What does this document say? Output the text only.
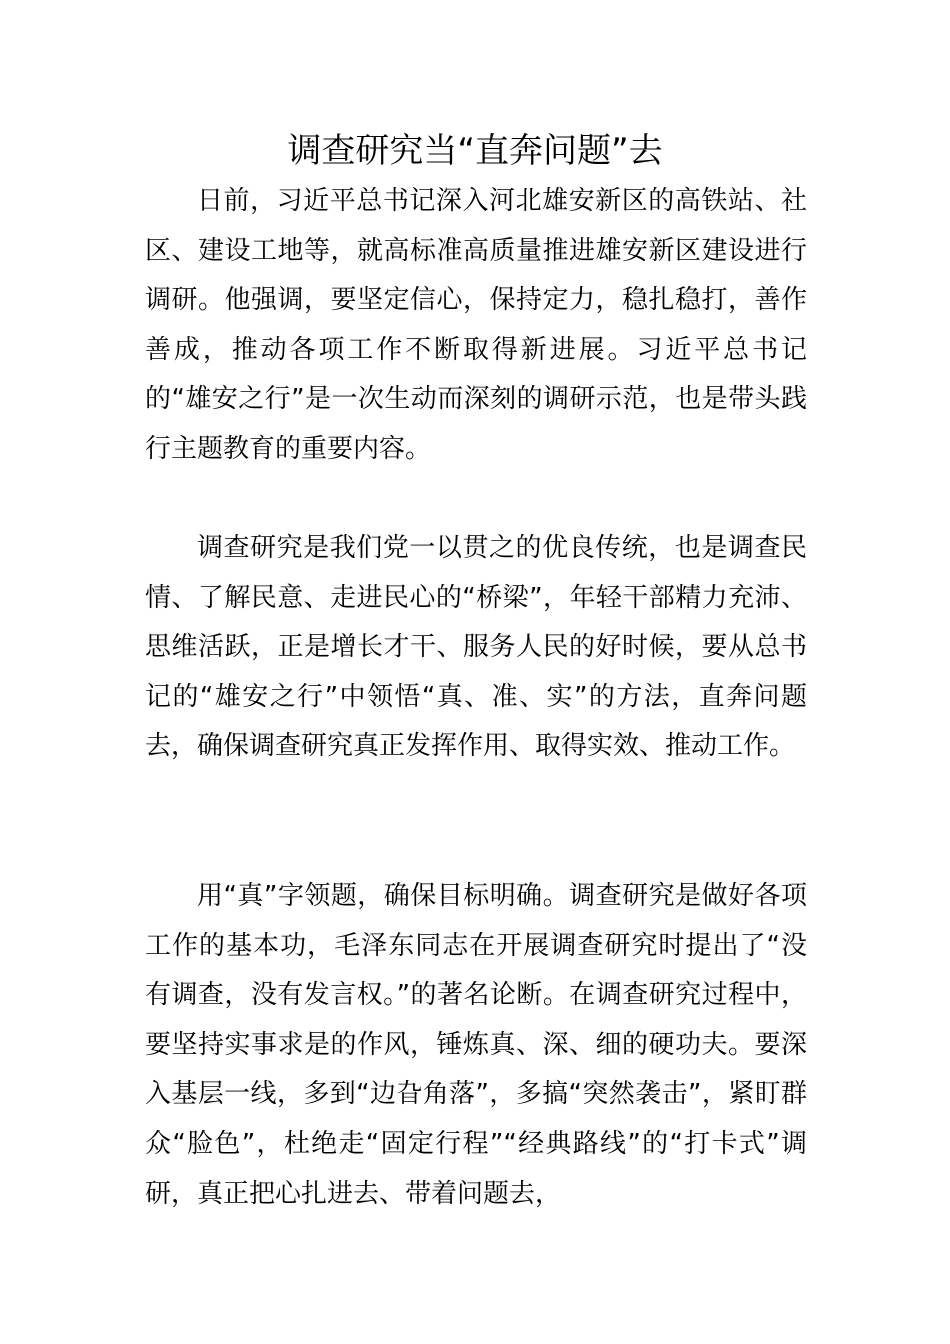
调查研究当“直奔问题”去

日前，习近平总书记深入河北雄安新区的高铁站、社区、建设工地等，就高标准高质量推进雄安新区建设进行调研。他强调，要坚定信心，保持定力，稳扎稳打，善作善成，推动各项工作不断取得新进展。习近平总书记的“雄安之行”是一次生动而深刻的调研示范，也是带头践行主题教育的重要内容。

调查研究是我们党一以贯之的优良传统，也是调查民情、了解民意、走进民心的“桥梁”，年轻干部精力充沛、思维活跃，正是增长才干、服务人民的好时候，要从总书记的“雄安之行”中领悟“真、准、实”的方法，直奔问题去，确保调查研究真正发挥作用、取得实效、推动工作。

用“真”字领题，确保目标明确。调查研究是做好各项工作的基本功，毛泽东同志在开展调查研究时提出了“没有调查，没有发言权。”的著名论断。在调查研究过程中，要坚持实事求是的作风，锤炼真、深、细的硬功夫。要深入基层一线，多到“边旮角落”，多搞“突然袭击”，紧盯群众“脸色”，杜绝走“固定行程”“经典路线”的“打卡式”调研，真正把心扎进去、带着问题去，
